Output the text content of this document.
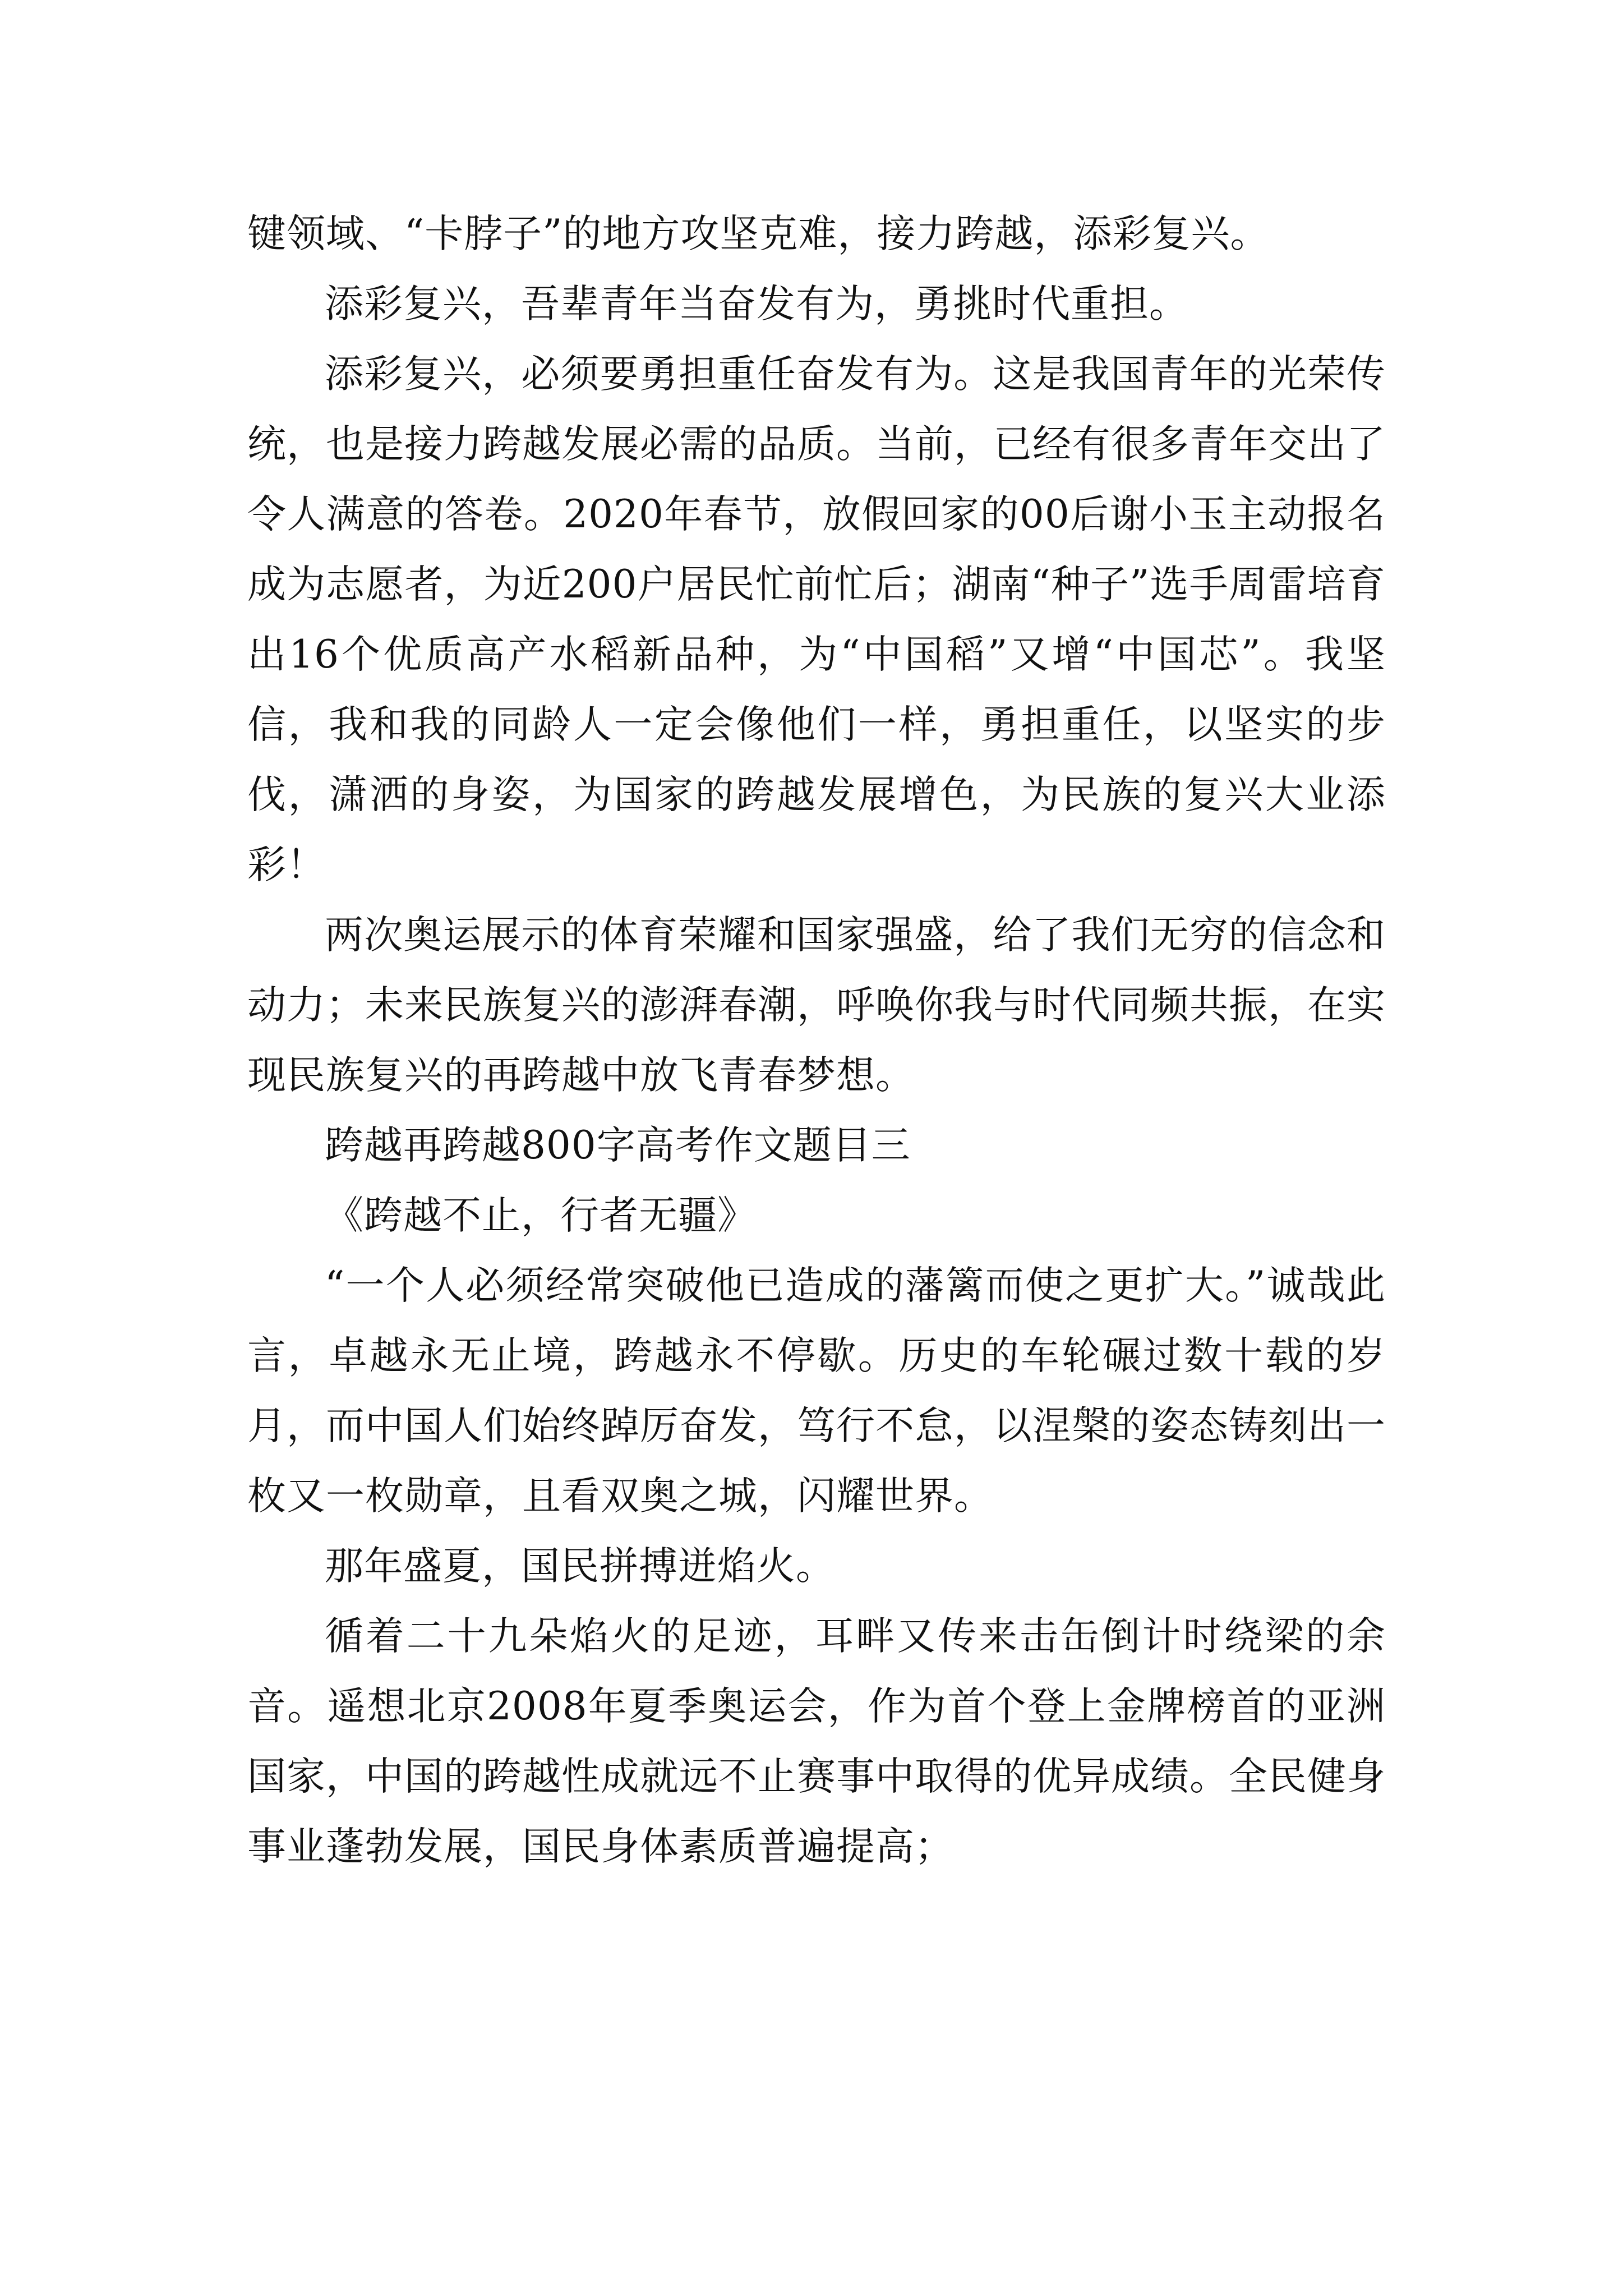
键领域、“卡脖子”的地方攻坚克难，接力跨越，添彩复兴。

添彩复兴，吾辈青年当奋发有为，勇挑时代重担。

添彩复兴，必须要勇担重任奋发有为。这是我国青年的光荣传统，也是接力跨越发展必需的品质。当前，已经有很多青年交出了令人满意的答卷。2020年春节，放假回家的00后谢小玉主动报名成为志愿者，为近200户居民忙前忙后；湖南“种子”选手周雷培育出16个优质高产水稻新品种，为“中国稻”又增“中国芯”。我坚信，我和我的同龄人一定会像他们一样，勇担重任，以坚实的步伐，潇洒的身姿，为国家的跨越发展增色，为民族的复兴大业添彩！

两次奥运展示的体育荣耀和国家强盛，给了我们无穷的信念和动力；未来民族复兴的澎湃春潮，呼唤你我与时代同频共振，在实现民族复兴的再跨越中放飞青春梦想。

跨越再跨越800字高考作文题目三

《跨越不止，行者无疆》

“一个人必须经常突破他已造成的藩篱而使之更扩大。”诚哉此言，卓越永无止境，跨越永不停歇。历史的车轮碾过数十载的岁月，而中国人们始终踔厉奋发，笃行不怠，以涅槃的姿态铸刻出一枚又一枚勋章，且看双奥之城，闪耀世界。

那年盛夏，国民拼搏迸焰火。

循着二十九朵焰火的足迹，耳畔又传来击缶倒计时绕梁的余音。遥想北京2008年夏季奥运会，作为首个登上金牌榜首的亚洲国家，中国的跨越性成就远不止赛事中取得的优异成绩。全民健身事业蓬勃发展，国民身体素质普遍提高；
